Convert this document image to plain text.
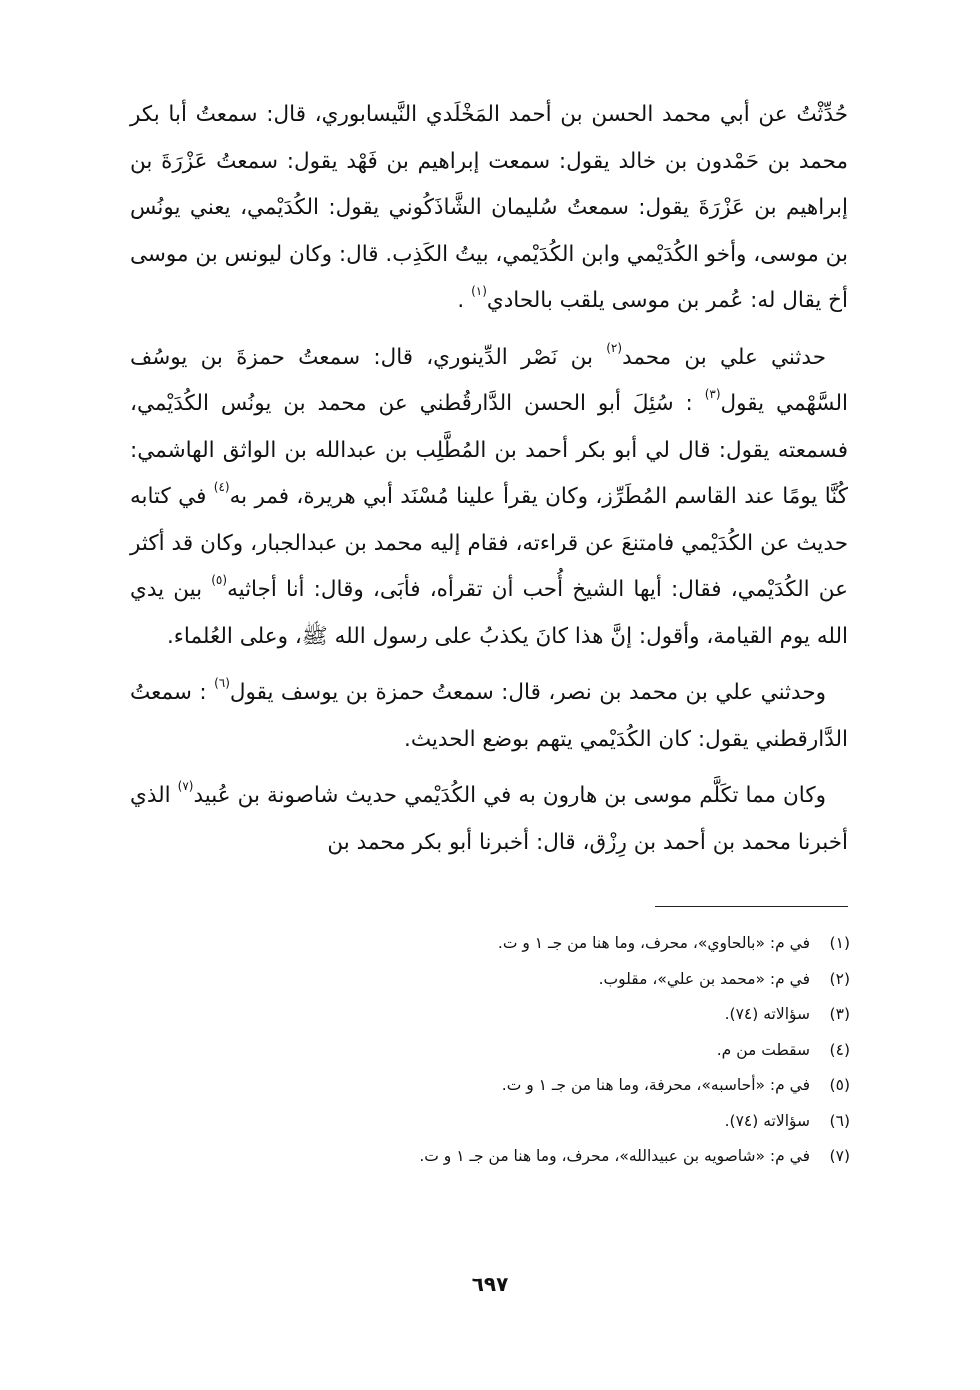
حُدِّثْتُ عن أبي محمد الحسن بن أحمد المَخْلَدي النَّيسابوري، قال: سمعتُ أبا بكر محمد بن حَمْدون بن خالد يقول: سمعت إبراهيم بن فَهْد يقول: سمعتُ عَزْرَةَ بن إبراهيم بن عَزْرَةَ يقول: سمعتُ سُليمان الشَّاذَكُوني يقول: الكُدَيْمي، يعني يونُس بن موسى، وأخو الكُدَيْمي وابن الكُدَيْمي، بيتُ الكَذِب. قال: وكان ليونس بن موسى أخ يقال له: عُمر بن موسى يلقب بالحادي$^{(١)}$ .

حدثني علي بن محمد$^{(٢)}$ بن نَصْر الدِّينوري، قال: سمعتُ حمزةَ بن يوسُف السَّهْمي يقول$^{(٣)}$ : سُئِلَ أبو الحسن الدَّارقُطني عن محمد بن يونُس الكُدَيْمي، فسمعته يقول: قال لي أبو بكر أحمد بن المُطَّلِب بن عبدالله بن الواثق الهاشمي: كُنَّا يومًا عند القاسم المُطَرِّز، وكان يقرأ علينا مُسْنَد أبي هريرة، فمر به$^{(٤)}$ في كتابه حديث عن الكُدَيْمي فامتنعَ عن قراءته، فقام إليه محمد بن عبدالجبار، وكان قد أكثر عن الكُدَيْمي، فقال: أيها الشيخ أُحب أن تقرأه، فأبَى، وقال: أنا أجاثيه$^{(٥)}$ بين يدي الله يوم القيامة، وأقول: إنَّ هذا كانَ يكذبُ على رسول الله ﷺ، وعلى العُلماء.

وحدثني علي بن محمد بن نصر، قال: سمعتُ حمزة بن يوسف يقول$^{(٦)}$ : سمعتُ الدَّارقطني يقول: كان الكُدَيْمي يتهم بوضع الحديث.

وكان مما تكَلَّم موسى بن هارون به في الكُدَيْمي حديث شاصونة بن عُبيد$^{(٧)}$ الذي أخبرنا محمد بن أحمد بن رِزْق، قال: أخبرنا أبو بكر محمد بن

(١)في م: «بالحاوي»، محرف، وما هنا من جـ ١ و ت.
(٢)في م: «محمد بن علي»، مقلوب.
(٣)سؤالاته (٧٤).
(٤)سقطت من م.
(٥)في م: «أحاسبه»، محرفة، وما هنا من جـ ١ و ت.
(٦)سؤالاته (٧٤).
(٧)في م: «شاصويه بن عبيدالله»، محرف، وما هنا من جـ ١ و ت.
٦٩٧
